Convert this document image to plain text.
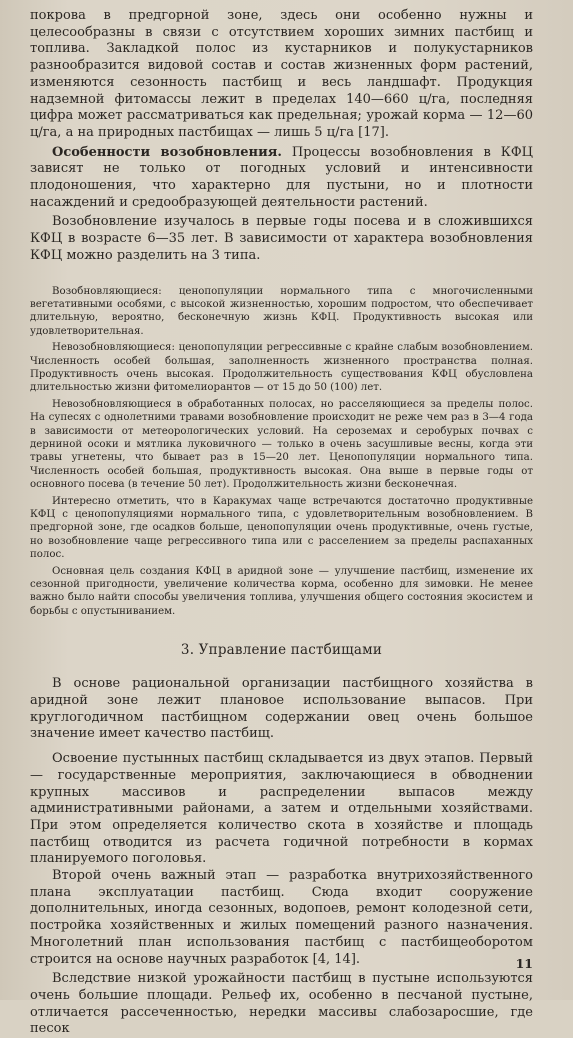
покрова в предгорной зоне, здесь они особенно нужны и целесообразны в связи с отсутствием хороших зимних пастбищ и топлива. Закладкой полос из кустарников и полукустарников разнообразится видовой состав и состав жизненных форм растений, изменяются сезонность пастбищ и весь ландшафт. Продукция надземной фитомассы лежит в пределах 140—660 ц/га, последняя цифра может рассматриваться как предельная; урожай корма — 12—60 ц/га, а на природных пастбищах — лишь 5 ц/га [17].

Особенности возобновления. Процессы возобновления в КФЦ зависят не только от погодных условий и интенсивности плодоношения, что характерно для пустыни, но и плотности насаждений и средообразующей деятельности растений.

Возобновление изучалось в первые годы посева и в сложившихся КФЦ в возрасте 6—35 лет. В зависимости от характера возобновления КФЦ можно разделить на 3 типа.

Возобновляющиеся: ценопопуляции нормального типа с многочисленными вегетативными особями, с высокой жизненностью, хорошим подростом, что обеспечивает длительную, вероятно, бесконечную жизнь КФЦ. Продуктивность высокая или удовлетворительная.

Невозобновляющиеся: ценопопуляции регрессивные с крайне слабым возобновлением. Численность особей большая, заполненность жизненного пространства полная. Продуктивность очень высокая. Продолжительность существования КФЦ обусловлена длительностью жизни фитомелиорантов — от 15 до 50 (100) лет.

Невозобновляющиеся в обработанных полосах, но расселяющиеся за пределы полос. На супесях с однолетними травами возобновление происходит не реже чем раз в 3—4 года в зависимости от метеорологических условий. На сероземах и серобурых почвах с дерниной осоки и мятлика луковичного — только в очень засушливые весны, когда эти травы угнетены, что бывает раз в 15—20 лет. Ценопопуляции нормального типа. Численность особей большая, продуктивность высокая. Она выше в первые годы от основного посева (в течение 50 лет). Продолжительность жизни бесконечная.

Интересно отметить, что в Каракумах чаще встречаются достаточно продуктивные КФЦ с ценопопуляциями нормального типа, с удовлетворительным возобновлением. В предгорной зоне, где осадков больше, ценопопуляции очень продуктивные, очень густые, но возобновление чаще регрессивного типа или с расселением за пределы распаханных полос.

Основная цель создания КФЦ в аридной зоне — улучшение пастбищ, изменение их сезонной пригодности, увеличение количества корма, особенно для зимовки. Не менее важно было найти способы увеличения топлива, улучшения общего состояния экосистем и борьбы с опустыниванием.

3. Управление пастбищами

В основе рациональной организации пастбищного хозяйства в аридной зоне лежит плановое использование выпасов. При круглогодичном пастбищном содержании овец очень большое значение имеет качество пастбищ.

Освоение пустынных пастбищ складывается из двух этапов. Первый — государственные мероприятия, заключающиеся в обводнении крупных массивов и распределении выпасов между административными районами, а затем и отдельными хозяйствами. При этом определяется количество скота в хозяйстве и площадь пастбищ отводится из расчета годичной потребности в кормах планируемого поголовья.

Второй очень важный этап — разработка внутрихозяйственного плана эксплуатации пастбищ. Сюда входит сооружение дополнительных, иногда сезонных, водопоев, ремонт колодезной сети, постройка хозяйственных и жилых помещений разного назначения. Многолетний план использования пастбищ с пастбищеоборотом строится на основе научных разработок [4, 14].

Вследствие низкой урожайности пастбищ в пустыне используются очень большие площади. Рельеф их, особенно в песчаной пустыне, отличается рассеченностью, нередки массивы слабозаросшие, где песок

11
